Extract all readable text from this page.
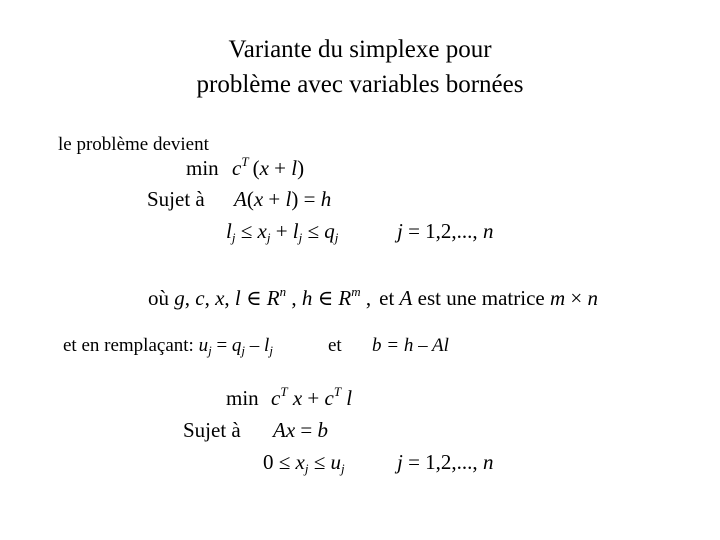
Variante du simplexe pour
problème avec variables bornées
le problème devient
$\min c^T$ (x + l)
Sujet à A(x + l) = h
$l_j \le x_j + l_j \le q_j$	j = 1,2,..., n
où g, c, x, l ∈ $R^n$ , h ∈ $R^m$ , et A est une matrice m × n
et en remplaçant: $u_j = q_j - l_j$	et b = h – Al
$\min c^T$ $x + c^T$ l
Sujet à Ax = b
$0 \le x_j \le u_j$ j = 1,2,..., n
